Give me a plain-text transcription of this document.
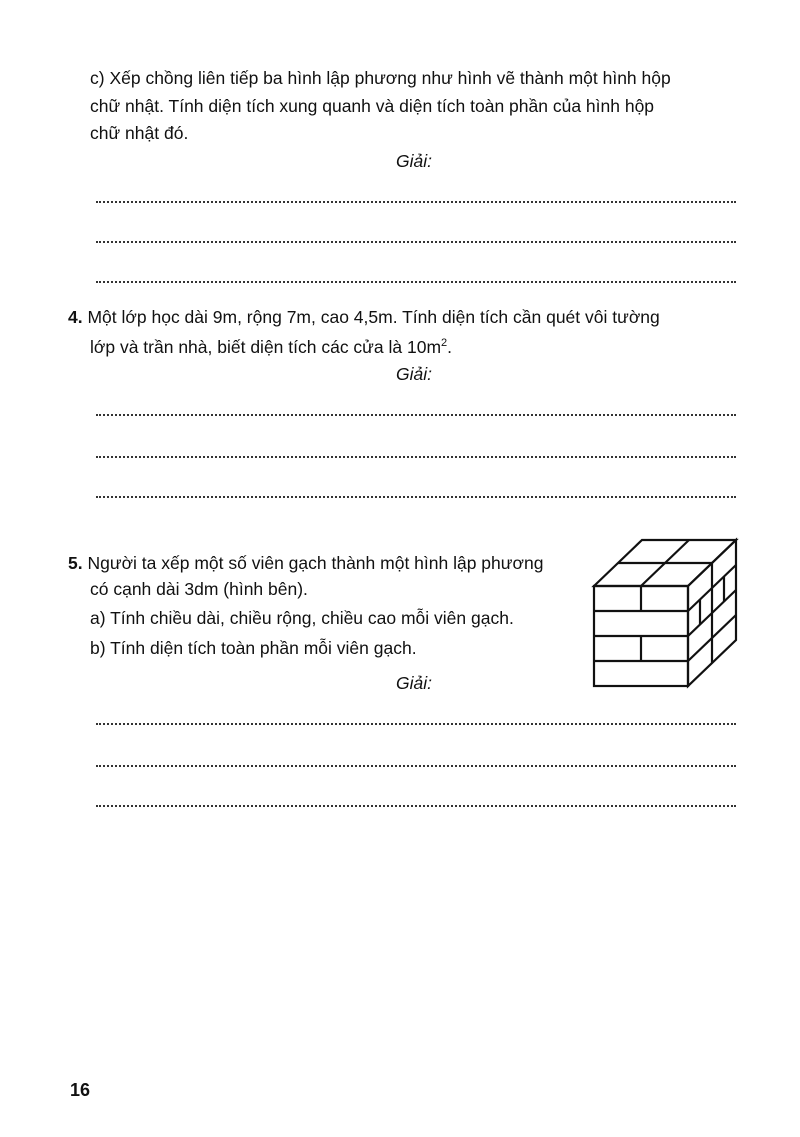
c) Xếp chồng liên tiếp ba hình lập phương như hình vẽ thành một hình hộp
chữ nhật. Tính diện tích xung quanh và diện tích toàn phần của hình hộp
chữ nhật đó.
Giải:
4. Một lớp học dài 9m, rộng 7m, cao 4,5m. Tính diện tích cần quét vôi tường
lớp và trần nhà, biết diện tích các cửa là $10m^2$.
Giải:
5. Người ta xếp một số viên gạch thành một hình lập phương
có cạnh dài 3dm (hình bên).
a) Tính chiều dài, chiều rộng, chiều cao mỗi viên gạch.
b) Tính diện tích toàn phần mỗi viên gạch.
Giải:
16
